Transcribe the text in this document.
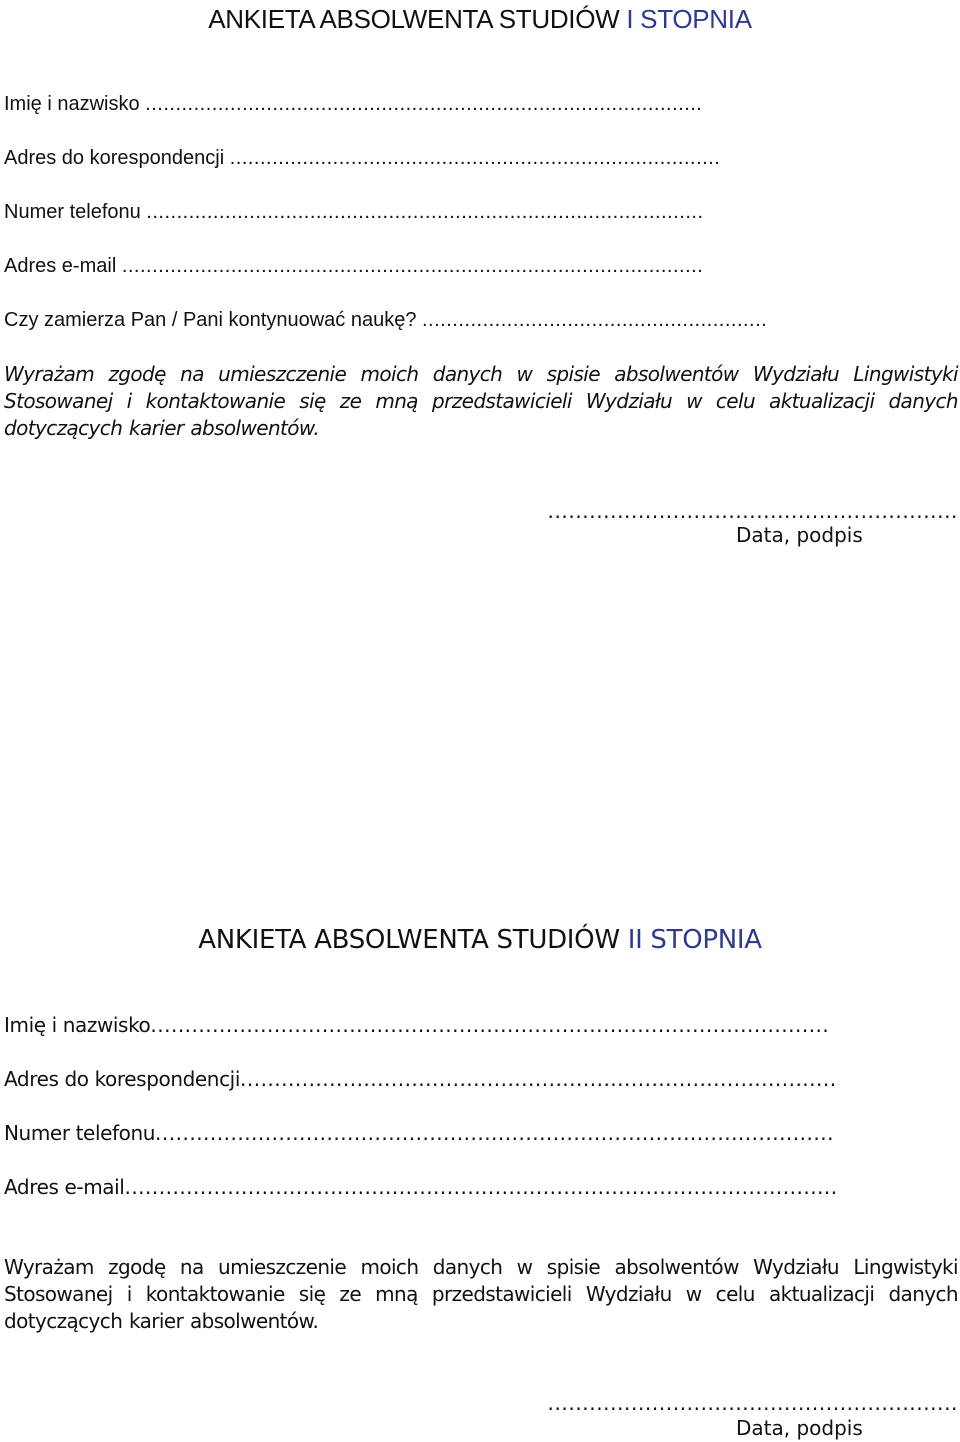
ANKIETA ABSOLWENTA STUDIÓW I STOPNIA
Imię i nazwisko ............................................................................................
Adres do korespondencji .................................................................................
Numer telefonu ............................................................................................
Adres e-mail ................................................................................................
Czy zamierza Pan / Pani kontynuować naukę? .........................................................
Wyrażam zgodę na umieszczenie moich danych w spisie absolwentów Wydziału Lingwistyki Stosowanej i kontaktowanie się ze mną przedstawicieli Wydziału w celu aktualizacji danych dotyczących karier absolwentów.
...........................................................
Data, podpis
ANKIETA ABSOLWENTA STUDIÓW II STOPNIA
Imię i nazwisko...................................................................................................
Adres do korespondencji.......................................................................................
Numer telefonu...................................................................................................
Adres e-mail........................................................................................................
Wyrażam zgodę na umieszczenie moich danych w spisie absolwentów Wydziału Lingwistyki Stosowanej i kontaktowanie się ze mną przedstawicieli Wydziału w celu aktualizacji danych dotyczących karier absolwentów.
...........................................................
Data, podpis
